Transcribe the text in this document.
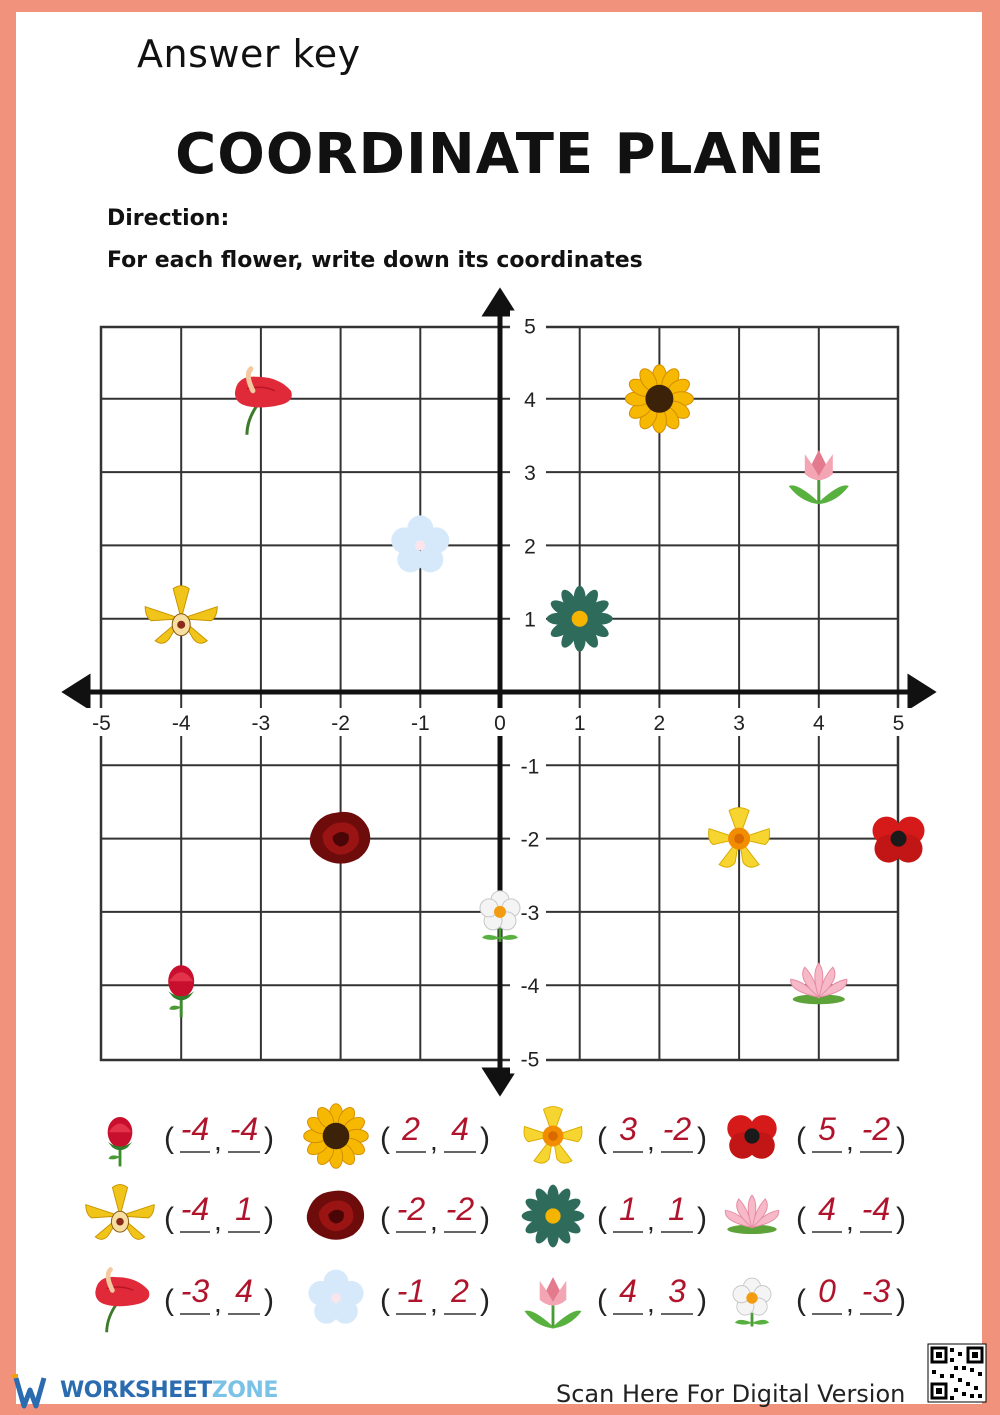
Answer key
COORDINATE PLANE
Direction:
For each flower, write down its coordinates
-5	-4	-3	-2	-1	0	1	2	3	4	5
5
4
3
2
1
-1
-2
-3
-4
-5
( -4 , -4 )	( 2 , 4 )	( 3 , -2 )	( 5 , -2 )
( -4 , 1 )	( -2 , -2 )	( 1 , 1 )	( 4 , -4 )
( -3 , 4 )	( -1 , 2 )	( 4 , 3 )	( 0 , -3 )
WORKSHEETZONE	Scan Here For Digital Version
